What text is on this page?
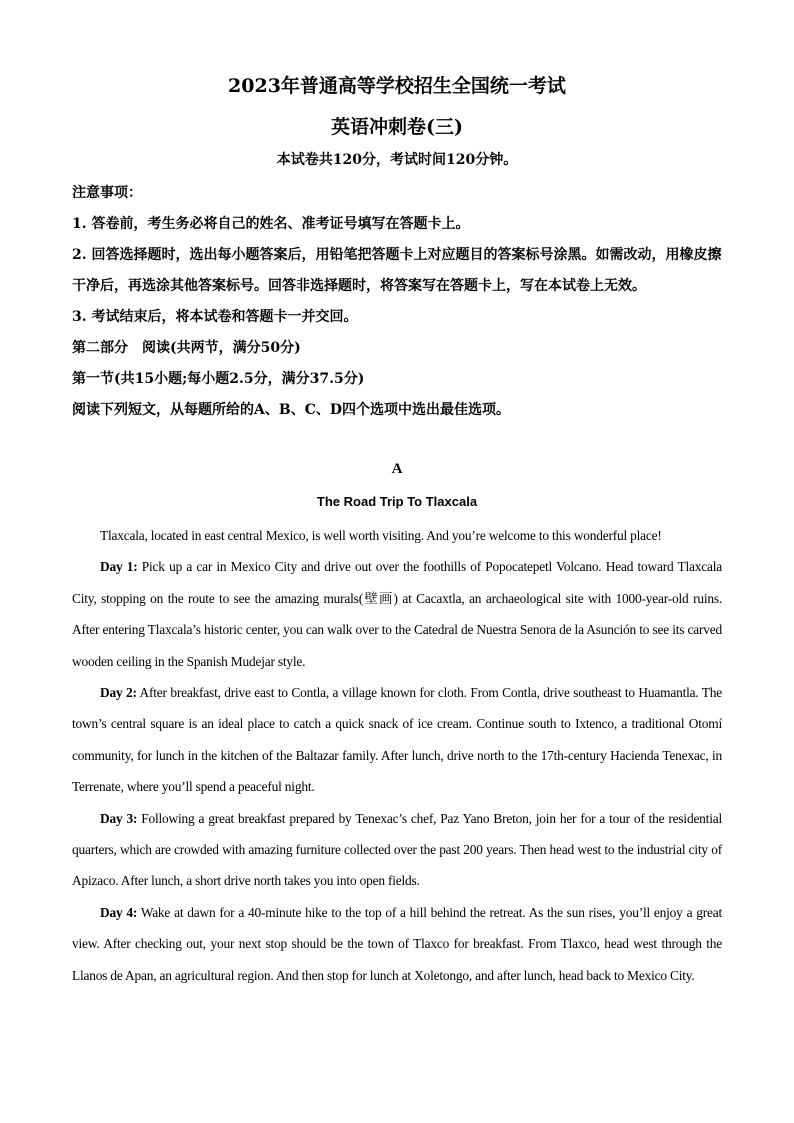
2023年普通高等学校招生全国统一考试
英语冲刺卷(三)
本试卷共120分，考试时间120分钟。

注意事项：

1. 答卷前，考生务必将自己的姓名、准考证号填写在答题卡上。

2. 回答选择题时，选出每小题答案后，用铅笔把答题卡上对应题目的答案标号涂黑。如需改动，用橡皮擦干净后，再选涂其他答案标号。回答非选择题时，将答案写在答题卡上，写在本试卷上无效。

3. 考试结束后，将本试卷和答题卡一并交回。

第二部分　阅读(共两节，满分50分)

第一节(共15小题;每小题2.5分，满分37.5分)

阅读下列短文，从每题所给的A、B、C、D四个选项中选出最佳选项。

A
The Road Trip To Tlaxcala

Tlaxcala, located in east central Mexico, is well worth visiting. And you’re welcome to this wonderful place!

Day 1: Pick up a car in Mexico City and drive out over the foothills of Popocatepetl Volcano. Head toward Tlaxcala City, stopping on the route to see the amazing murals(壁画) at Cacaxtla, an archaeological site with 1000-year-old ruins. After entering Tlaxcala’s historic center, you can walk over to the Catedral de Nuestra Senora de la Asunción to see its carved wooden ceiling in the Spanish Mudejar style.

Day 2: After breakfast, drive east to Contla, a village known for cloth. From Contla, drive southeast to Huamantla. The town’s central square is an ideal place to catch a quick snack of ice cream. Continue south to Ixtenco, a traditional Otomí community, for lunch in the kitchen of the Baltazar family. After lunch, drive north to the 17th-century Hacienda Tenexac, in Terrenate, where you’ll spend a peaceful night.

Day 3: Following a great breakfast prepared by Tenexac’s chef, Paz Yano Breton, join her for a tour of the residential quarters, which are crowded with amazing furniture collected over the past 200 years. Then head west to the industrial city of Apizaco. After lunch, a short drive north takes you into open fields.

Day 4: Wake at dawn for a 40-minute hike to the top of a hill behind the retreat. As the sun rises, you’ll enjoy a great view. After checking out, your next stop should be the town of Tlaxco for breakfast. From Tlaxco, head west through the Llanos de Apan, an agricultural region. And then stop for lunch at Xoletongo, and after lunch, head back to Mexico City.
